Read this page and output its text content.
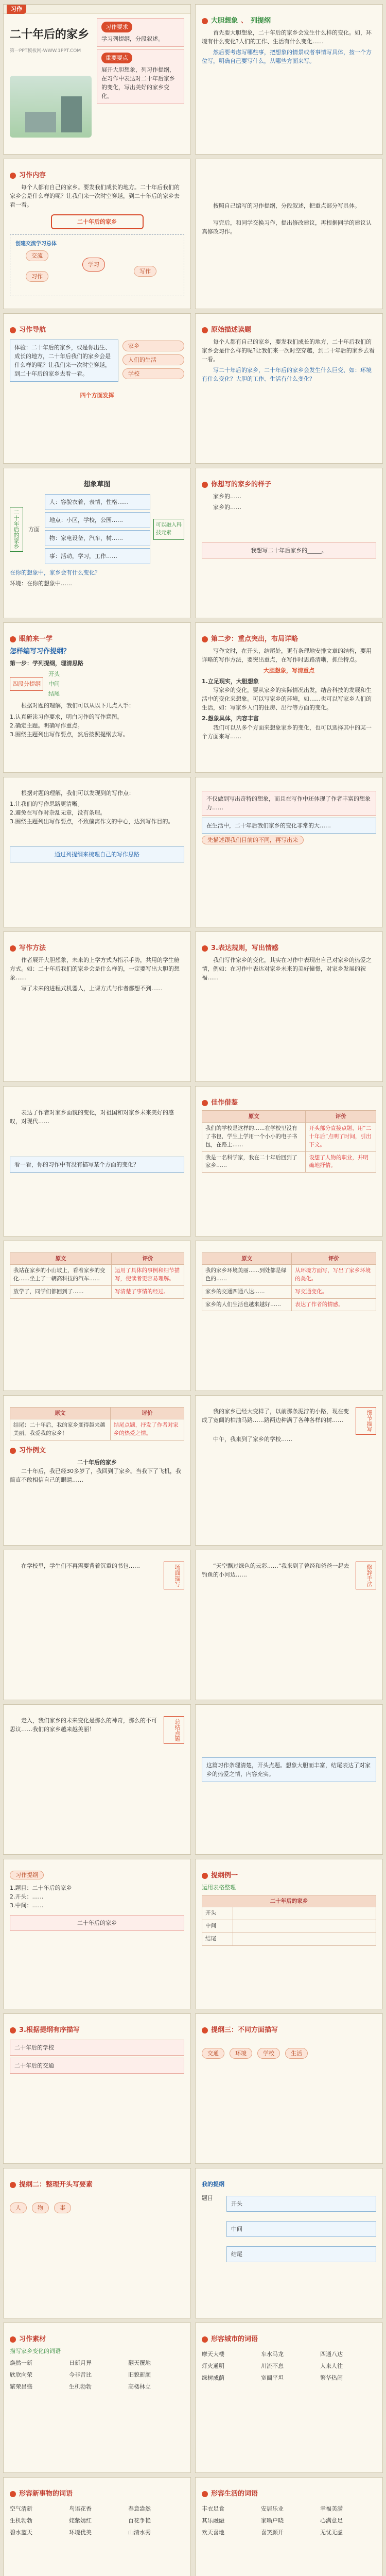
习作
二十年后的家乡
第一PPT模板网-WWW.1PPT.COM
习作要求
学习列提纲，分段叙述。
重要要点
展开大胆想象，列习作提纲，在习作中表达对二十年后家乡的变化，写出美好的家乡变化。
大胆想象 、 列提纲
首先要大胆想象，二十年后的家乡会发生什么样的变化。如，环境有什么变化?人们的工作、生活有什么变化……
然后要考虑写哪些事，把想象的情景或者事情写具体，按一个方位写，明确自己要写什么，从哪些方面来写。
习作内容
每个人都有自己的家乡。要发我们成长的地方。二十年后我们的家乡会是什么样的呢？让我们来一次时空穿越，到二十年后的家乡去看一看。
二十年后的家乡
创建交流学习总体
学习
交流
习作
写作
按照自己编写的习作提纲，分段叙述，把重点部分写具体。
写完后，和同学交换习作，提出修改建议，再根据同学的建议认真修改习作。
习作导航
体验：二十年后的家乡，或是你出生、成长的地方，二十年后我们的家乡会是什么样的呢？让我们来一次时空穿越，到二十年后的家乡去看一看。
家乡
人们的生活
学校
四个方面发挥
原始描述读题
每个人都有自己的家乡，要发我们成长的地方，二十年后我们的家乡会是什么样的呢?让我们来一次时空穿越，到二十年后的家乡去看一看。
写二十年后的家乡，二十年后的家乡会发生什么巨变、如：环境有什么变化？大胆的工作、生活有什么变化？
想象草图
二十年后的家乡	方面
人：容貌衣着，表情，性格……
地点：小区，学校，公园……
物：家电设备，汽车，树……
事：活动，学习，工作……
可以融入科技元素
在你的想象中，家乡会有什么变化？
环境：在你的想象中……
你想写的家乡的样子
家乡的……
家乡的……
我想写二十年后家乡的_____。
眼前来一学
怎样编写习作提纲？
第一步：学列提纲，理清思路
四段分提纲
开头
中间
结尾
根据对题的理解，我们可以从以下几点入手：
1.认真研读习作要求，明白习作的写作意图。
2.确定主题。明确写作重点。
3.围绕主题列出写作要点，然后按照提纲去写。
第二步：重点突出，布局详略
写作文时，在开头，结尾处，更有条理地安排文章的结构，要用详略的写作方法，要突出重点，在写作时思路清晰，抓住特点。
大胆想象，写清重点
1.立足现实，大胆想象
写家乡的变化，要从家乡的实际情况出发，结合科技的发展和生活中的变化来想象。可以写家乡的环境，如……也可以写家乡人们的生活，如：写家乡人们的住房、出行等方面的变化。
2.想象具体，内容丰富
我们可以从多个方面来想象家乡的变化，也可以选择其中的某一个方面来写……
根据对题的理解，我们可以发现到的写作点：
1.让我们的写作思路更清晰。
2.避免在写作时杂乱无章，没有条理。
3.围绕主题列出写作要点，不致偏离作文的中心，达到写作目的。
通过列提纲来梳理自己的写作思路
不仅做到写出奇特的想象，而且在写作中还体现了作者丰富的想象力……
在生活中，二十年后我们家乡的变化非常的大……
先描述跟我们目前的不同，再写出来
写作方法
作者展开大胆想象，未来的上学方式为指示手势，共用的学生舱方式。如：二十年后我们的家乡会是什么样的，一定要写出大胆的想象……
写了未来的进程式机器人，上课方式与作者都想不到……
3.表达规则，写出情感
我们写作家乡的变化，其实在习作中表现出自己对家乡的热爱之情，例如：在习作中表达对家乡未来的美好憧憬，对家乡发展的祝福……
表达了作者对家乡面貌的变化，对祖国和对家乡未来美好的感叹，对现代……
看一看，你的习作中有没有描写某个方面的变化？
佳作借鉴
原文	评价
我们的学校是这样的……在学校里没有了书包，学生上学用一个小小的电子书包，在路上……	开头部分直接点题，用“二十年后”点明了时间，引出下文。
我是一名科学家，我在二十年后回到了家乡……	设想了人物的职业，并明确地抒情。
原文	评价
我站在家乡的小山坡上，看着家乡的变化……坐上了一辆高科技的汽车……	运用了具体的事例和细节描写，使读者更容易理解。
放学了，同学们都回到了……	写清楚了事情的经过。
原文	评价
我的家乡环境美丽……到处都是绿色的……	从环境方面写，写出了家乡环境的美化。
家乡的交通四通八达……	写交通变化。
家乡的人们生活也越来越好……	表达了作者的情感。
原文	评价
结尾：二十年后，我的家乡变得越来越美丽，我爱我的家乡！	结尾点题，抒发了作者对家乡的热爱之情。
习作例文
二十年后的家乡
二十年后，我已经30多岁了，我回到了家乡。当我下了飞机，我简直不敢相信自己的眼睛……
我的家乡已经大变样了，以前那条泥泞的小路，现在变成了宽阔的柏油马路……路两边种满了各种各样的树……	细节描写
中午，我来到了家乡的学校……
在学校里，学生们不再需要背着沉重的书包……	场面描写	“天空飘过绿色的云彩……”我来到了曾经和爸爸一起去钓鱼的小河边……	修辞手法
走入，我们家乡的未来变化是那么的神奇，那么的不可思议……我们的家乡越来越美丽！	总结点题
这篇习作条理清楚，开头点题。想象大胆而丰富，结尾表达了对家乡的热爱之情，内容充实。
习作提纲
1.题目：二十年后的家乡
2.开头：……
3.中间：……
二十年后的家乡
提纲例一
运用表格整理
二十年后的家乡	
开头	
中间	
结尾	
3.根据提纲有序描写
二十年后的学校
二十年后的交通
提纲三：不同方面描写
交通	环境	学校	生活
提纲二：整理开头写要素
人	物	事
我的提纲
题目
开头
中间
结尾
习作素材
描写家乡变化的词语
焕然一新	日新月异	翻天覆地
欣欣向荣	今非昔比	旧貌新颜
繁荣昌盛	生机勃勃	高楼林立
形容城市的词语
摩天大楼	车水马龙	四通八达
灯火通明	川流不息	人来人往
绿树成荫	宽阔平坦	繁华热闹
形容新事物的词语
空气清新	鸟语花香	春意盎然
生机勃勃	姹紫嫣红	百花争艳
碧水蓝天	环境优美	山清水秀
形容生活的词语
丰衣足食	安居乐业	幸福美满
其乐融融	家喻户晓	心满意足
欢天喜地	喜笑颜开	无忧无虑
